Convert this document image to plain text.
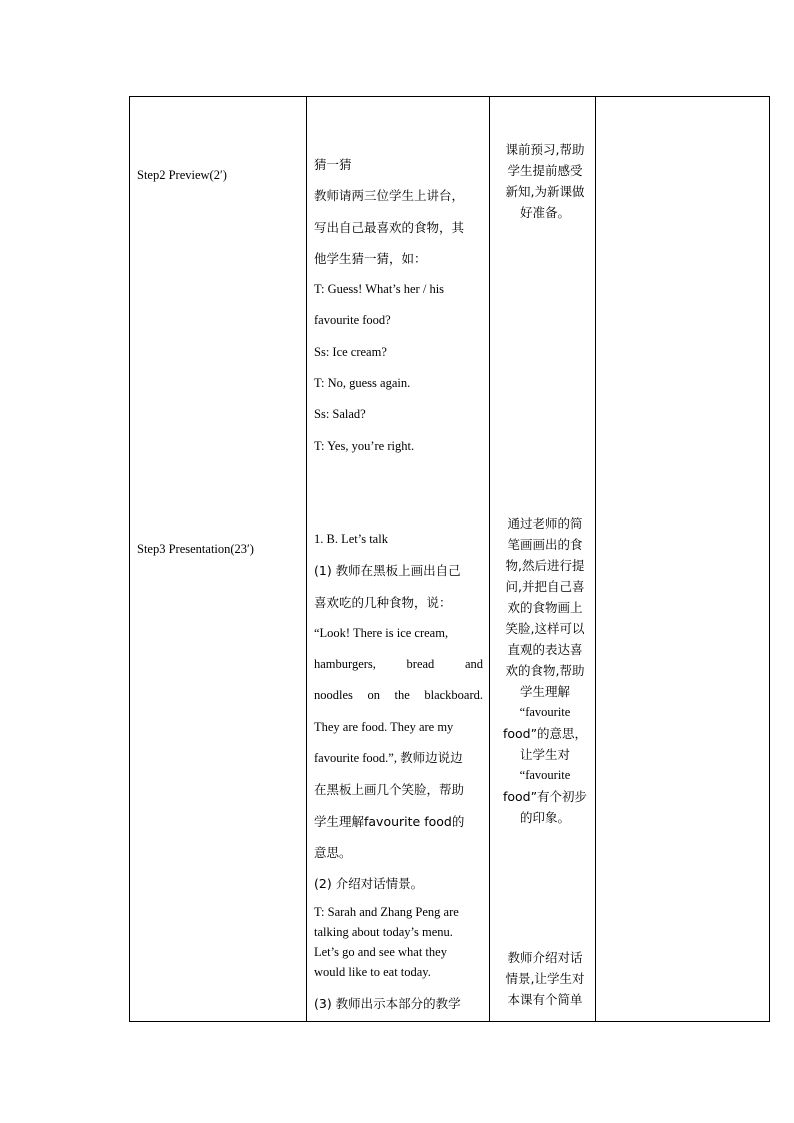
Step2 Preview(2′)

猜一猜

教师请两三位学生上讲台，

写出自己最喜欢的食物，其

他学生猜一猜，如：

T: Guess! What’s her / his

favourite food?

Ss: Ice cream?

T: No, guess again.

Ss: Salad?

T: Yes, you’re right.

课前预习,帮助
学生提前感受
新知,为新课做
好准备。
Step3 Presentation(23′)

1. B. Let’s talk

(1) 教师在黑板上画出自己

喜欢吃的几种食物，说：

“Look! There is ice cream,

hamburgers, bread and

noodles on the blackboard.

They are food. They are my

favourite food.”, 教师边说边

在黑板上画几个笑脸，帮助

学生理解favourite food的

意思。

(2) 介绍对话情景。

T: Sarah and Zhang Peng are

talking about today’s menu.

Let’s go and see what they

would like to eat today.

(3) 教师出示本部分的教学

通过老师的简
笔画画出的食
物,然后进行提
问,并把自己喜
欢的食物画上
笑脸,这样可以
直观的表达喜
欢的食物,帮助
学生理解
“favourite
food”的意思，
让学生对
“favourite
food”有个初步
的印象。
教师介绍对话
情景,让学生对
本课有个简单
